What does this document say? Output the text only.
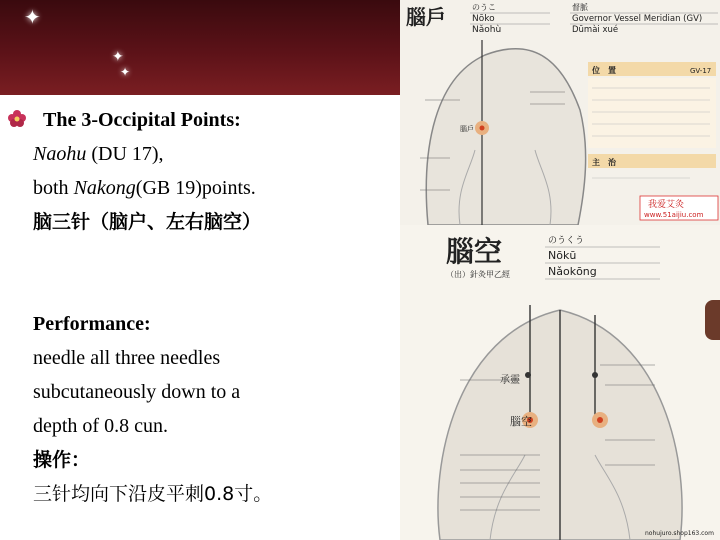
✦
✦
✦

The 3-Occipital Points:

Naohu (DU 17),

both Nakong(GB 19)points.

脑三针（脑户、左右脑空）

Performance:

needle all three needles

subcutaneously down to a

depth of 0.8 cun.

操作：

三针均向下沿皮平刺0.8寸。

腦戶
腦戶	のうこ
Nōko
Nǎohù
督脈
Governor Vessel Meridian (GV)
Dūmài xué
位　置	GV-17
主　治
我爱艾灸
www.51aijiu.com
腦空	のうくう
Nōkū
Nǎokōng
（出）針灸甲乙經
承靈
腦空
nohujuro.shop163.com
